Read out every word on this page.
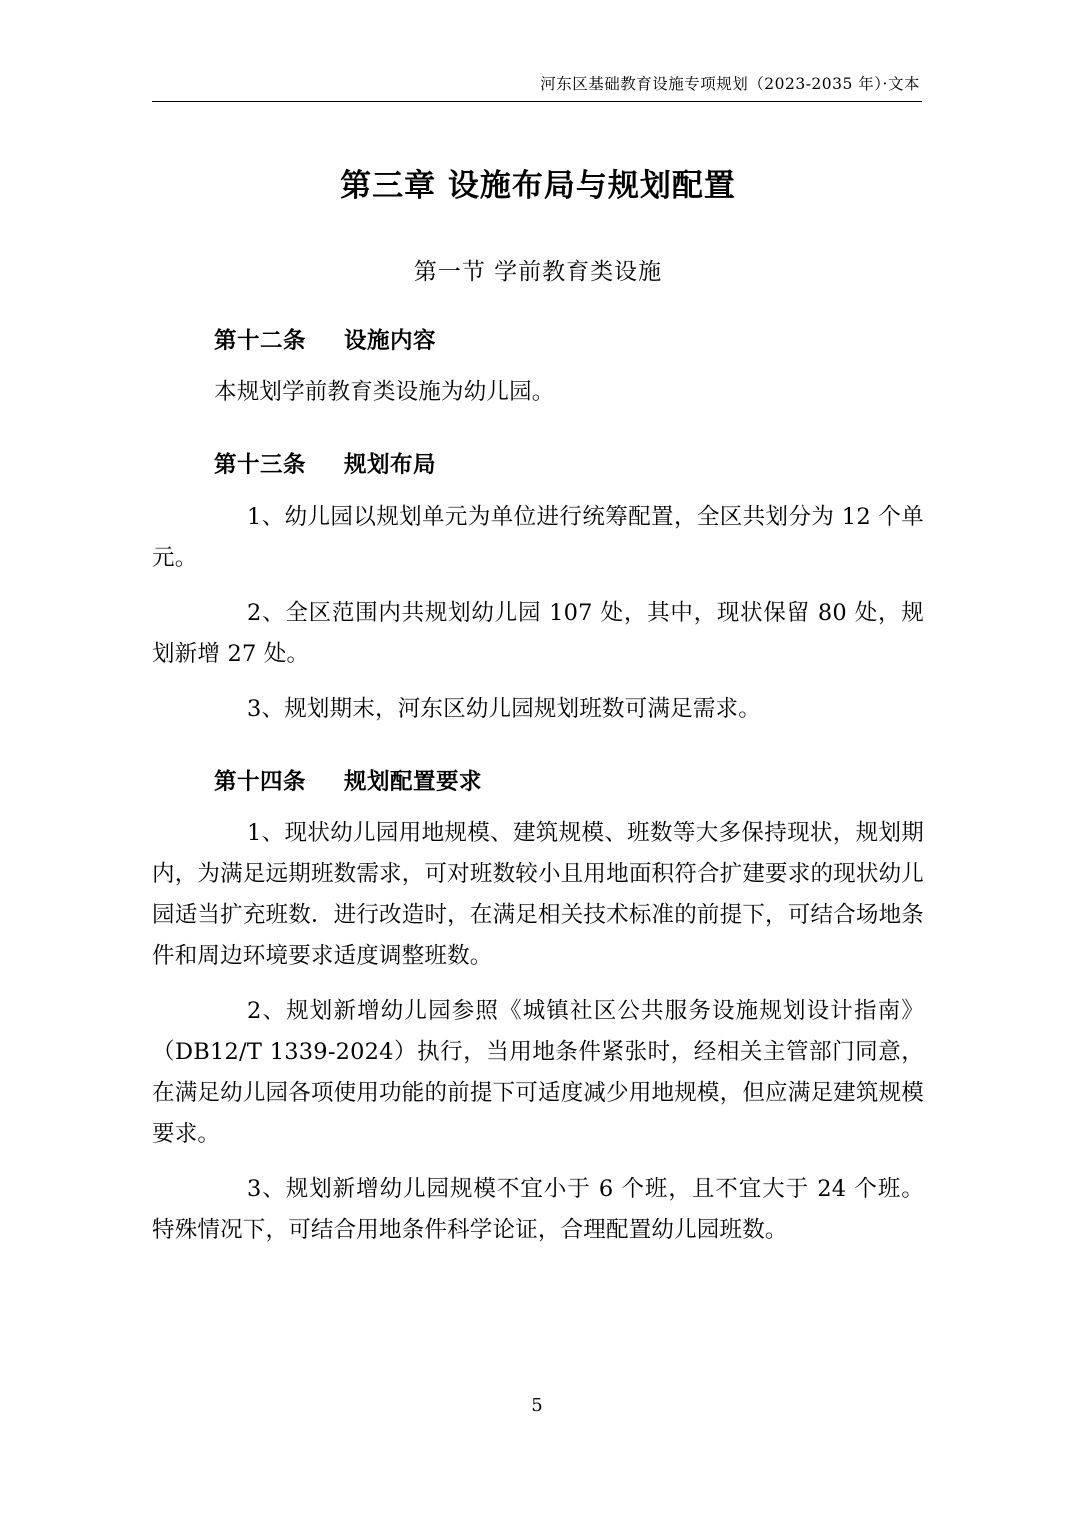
河东区基础教育设施专项规划（2023-2035 年）·文本
第三章 设施布局与规划配置
第一节 学前教育类设施
第十二条 设施内容

本规划学前教育类设施为幼儿园。

第十三条 规划布局

1、幼儿园以规划单元为单位进行统筹配置，全区共划分为 12 个单元。

2、全区范围内共规划幼儿园 107 处，其中，现状保留 80 处，规划新增 27 处。

3、规划期末，河东区幼儿园规划班数可满足需求。

第十四条 规划配置要求

1、现状幼儿园用地规模、建筑规模、班数等大多保持现状，规划期内，为满足远期班数需求，可对班数较小且用地面积符合扩建要求的现状幼儿园适当扩充班数．进行改造时，在满足相关技术标准的前提下，可结合场地条件和周边环境要求适度调整班数。

2、规划新增幼儿园参照《城镇社区公共服务设施规划设计指南》（DB12/T 1339-2024）执行，当用地条件紧张时，经相关主管部门同意，在满足幼儿园各项使用功能的前提下可适度减少用地规模，但应满足建筑规模要求。

3、规划新增幼儿园规模不宜小于 6 个班，且不宜大于 24 个班。特殊情况下，可结合用地条件科学论证，合理配置幼儿园班数。

5
